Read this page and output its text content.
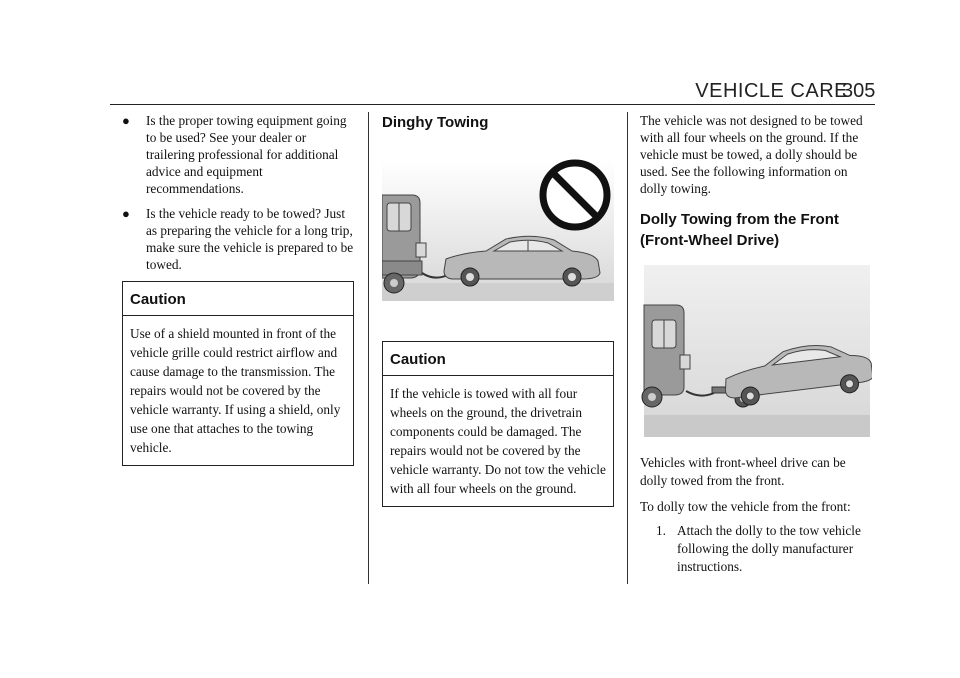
VEHICLE CARE
305
●	Is the proper towing equipment going to be used? See your dealer or trailering professional for additional advice and equipment recommendations.

●	Is the vehicle ready to be towed? Just as preparing the vehicle for a long trip, make sure the vehicle is prepared to be towed.

Caution

Use of a shield mounted in front of the vehicle grille could restrict airflow and cause damage to the transmission. The repairs would not be covered by the vehicle warranty. If using a shield, only use one that attaches to the towing vehicle.

Dinghy Towing
Caution

If the vehicle is towed with all four wheels on the ground, the drivetrain components could be damaged. The repairs would not be covered by the vehicle warranty. Do not tow the vehicle with all four wheels on the ground.

The vehicle was not designed to be towed with all four wheels on the ground. If the vehicle must be towed, a dolly should be used. See the following information on dolly towing.

Dolly Towing from the Front
(Front-Wheel Drive)

Vehicles with front-wheel drive can be dolly towed from the front.

To dolly tow the vehicle from the front:

1. Attach the dolly to the tow vehicle following the dolly manufacturer instructions.
